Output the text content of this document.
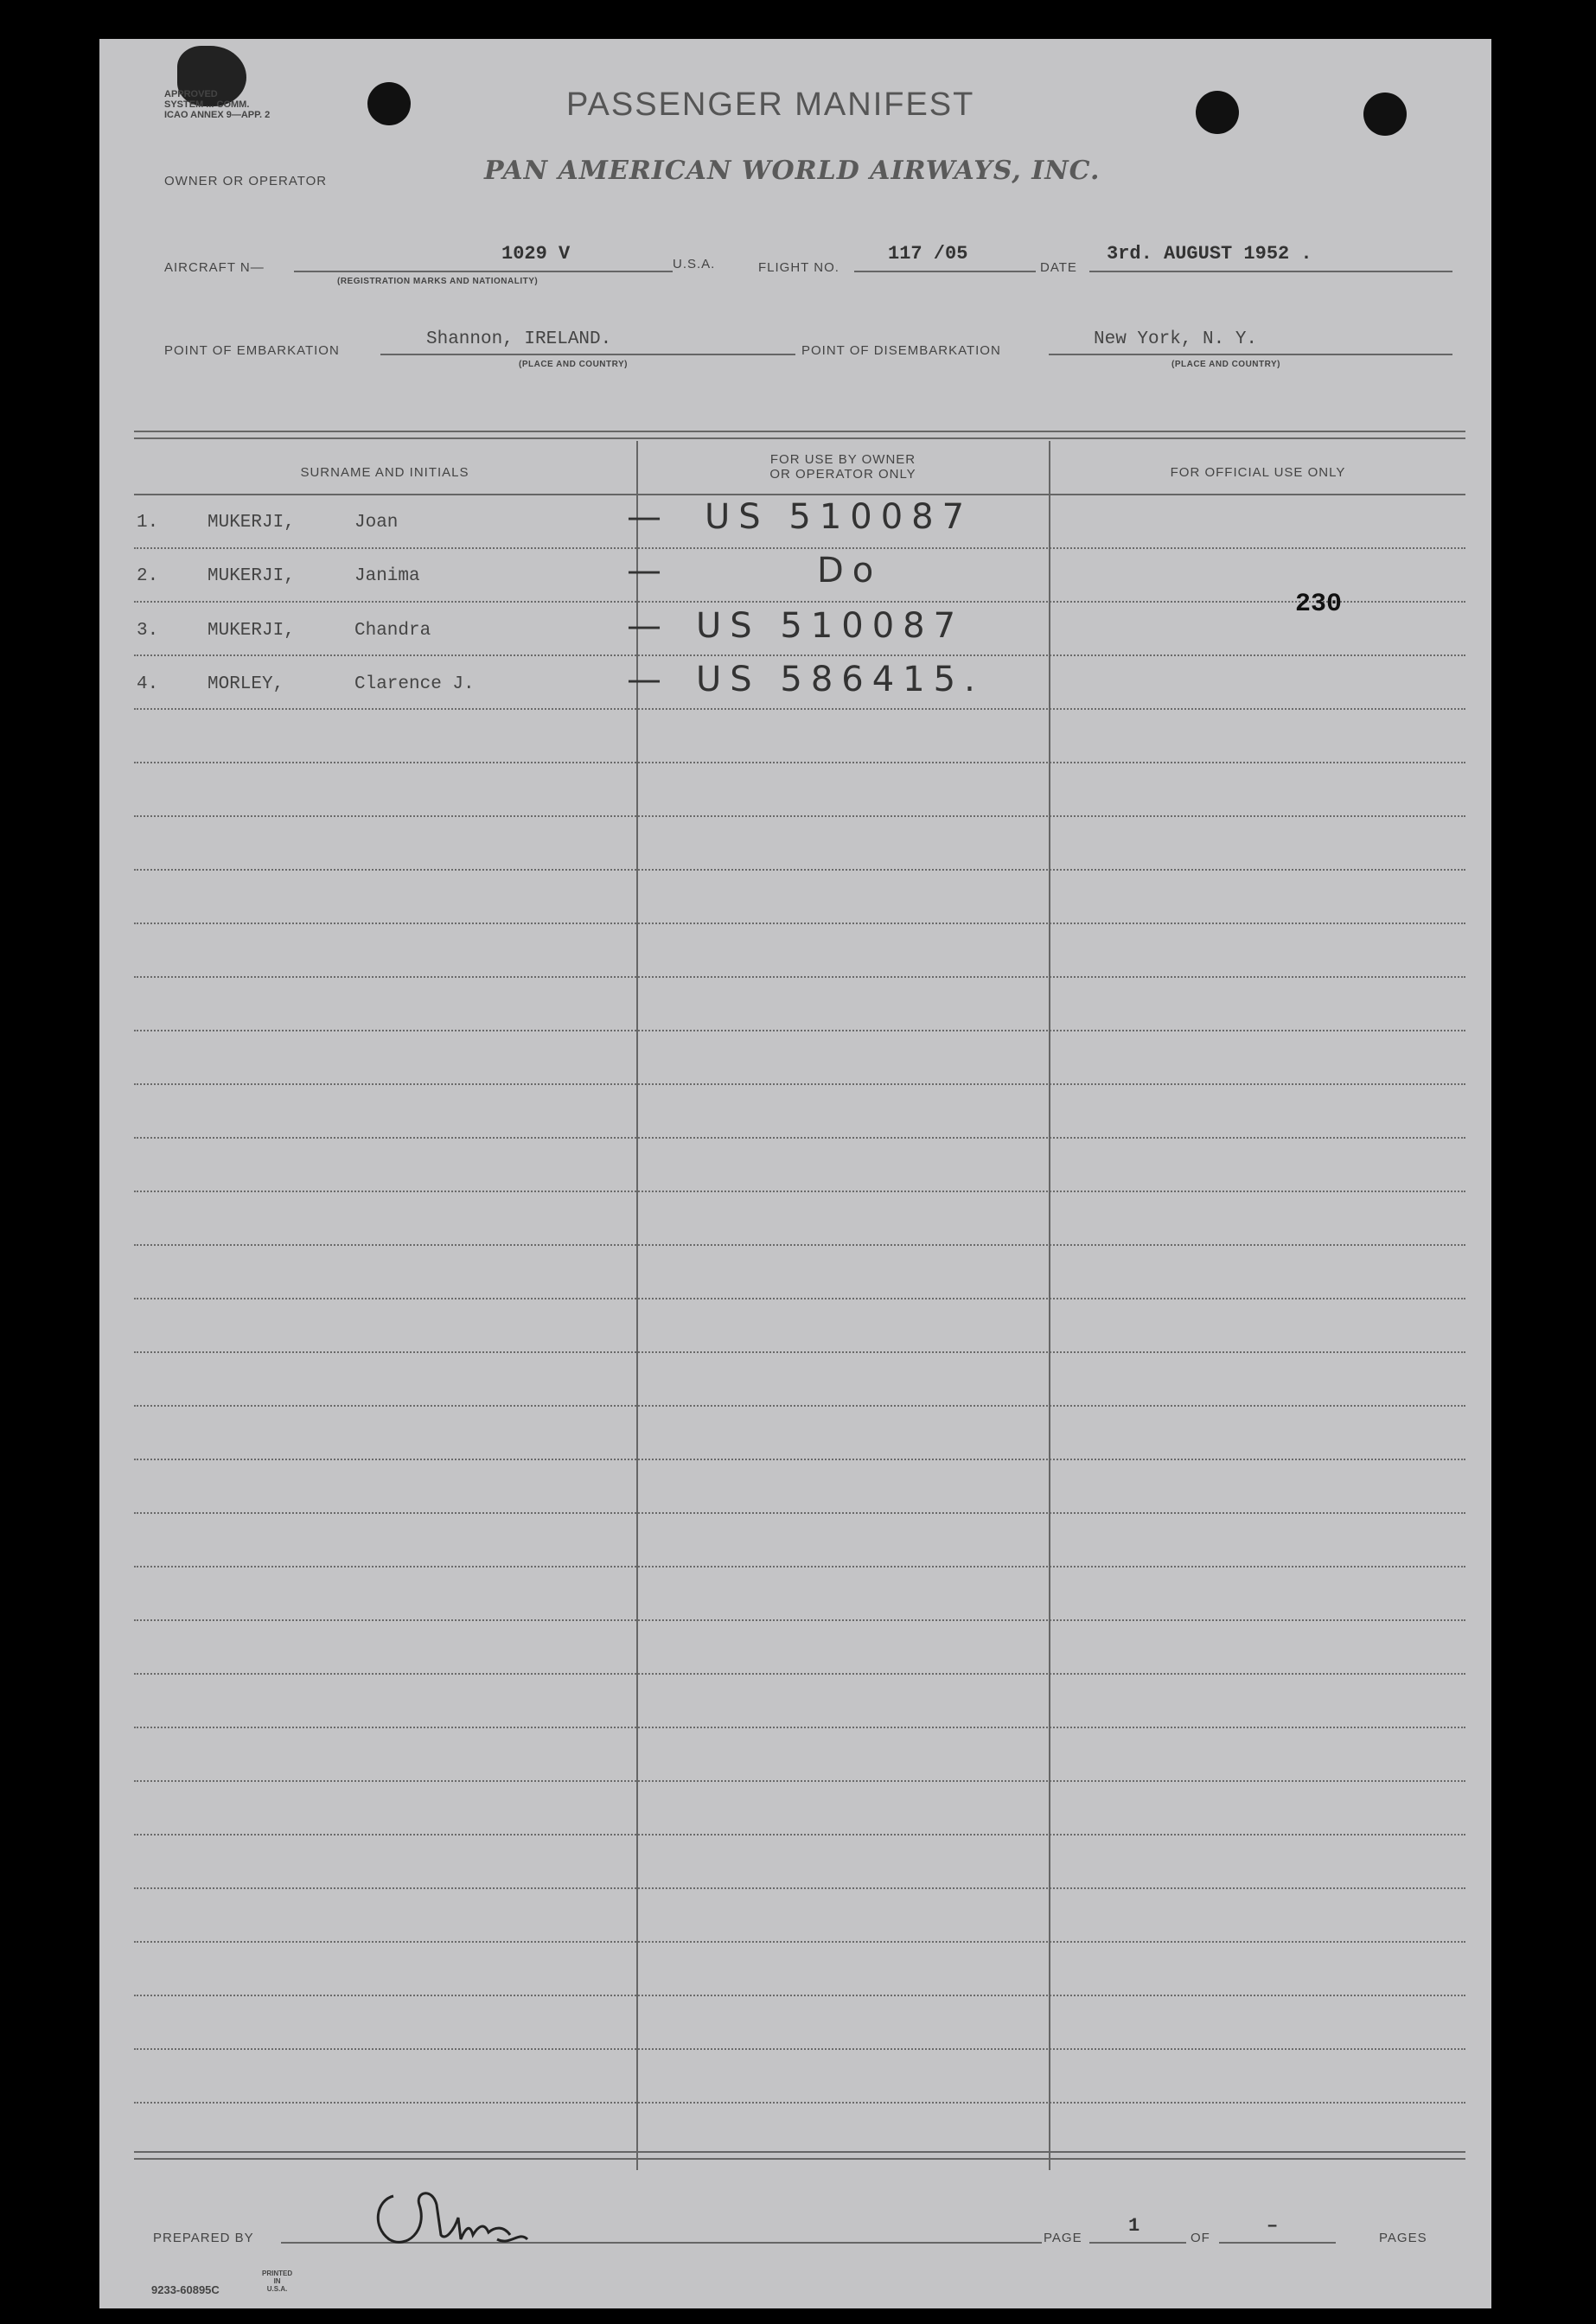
APPROVED
SYSTEM ... COMM.
ICAO ANNEX 9—APP. 2	PASSENGER MANIFEST
OWNER OR OPERATOR	PAN AMERICAN WORLD AIRWAYS, INC.
AIRCRAFT N—
1029 V
(REGISTRATION MARKS AND NATIONALITY)
U.S.A.	FLIGHT NO.
117 /05
DATE
3rd. AUGUST 1952 .
POINT OF EMBARKATION
Shannon, IRELAND.
(PLACE AND COUNTRY)
POINT OF DISEMBARKATION
New York, N. Y.
(PLACE AND COUNTRY)
SURNAME AND INITIALS
FOR USE BY OWNER
OR OPERATOR ONLY	FOR OFFICIAL USE ONLY
1.	MUKERJI,	Joan	— US 510087
2.	MUKERJI,	Janima	—	Do
3.	MUKERJI,	Chandra	— US 510087
4.	MORLEY,	Clarence J.	— US 586415.
230
PREPARED BY	PAGE
1
OF
–
PAGES
9233-60895C
PRINTED
IN
U.S.A.
